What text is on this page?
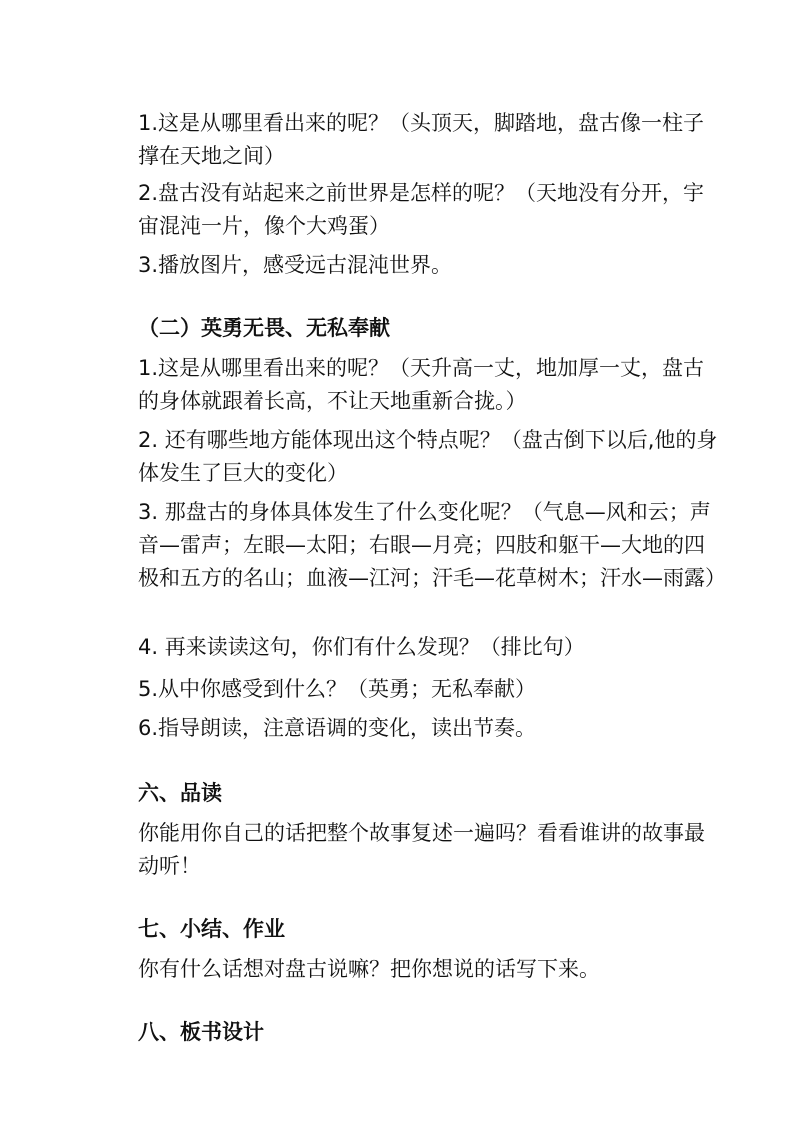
1.这是从哪里看出来的呢？（头顶天，脚踏地，盘古像一柱子撑在天地之间）

2.盘古没有站起来之前世界是怎样的呢？（天地没有分开，宇宙混沌一片，像个大鸡蛋）

3.播放图片，感受远古混沌世界。

（二）英勇无畏、无私奉献

1.这是从哪里看出来的呢？（天升高一丈，地加厚一丈，盘古的身体就跟着长高，不让天地重新合拢。）

2. 还有哪些地方能体现出这个特点呢？（盘古倒下以后,他的身体发生了巨大的变化）

3. 那盘古的身体具体发生了什么变化呢？（气息—风和云；声音—雷声；左眼—太阳；右眼—月亮；四肢和躯干—大地的四极和五方的名山；血液—江河；汗毛—花草树木；汗水—雨露）

4. 再来读读这句，你们有什么发现？（排比句）

5.从中你感受到什么？（英勇；无私奉献）

6.指导朗读，注意语调的变化，读出节奏。

六、品读

你能用你自己的话把整个故事复述一遍吗？看看谁讲的故事最动听！

七、小结、作业

你有什么话想对盘古说嘛？把你想说的话写下来。

八、板书设计
